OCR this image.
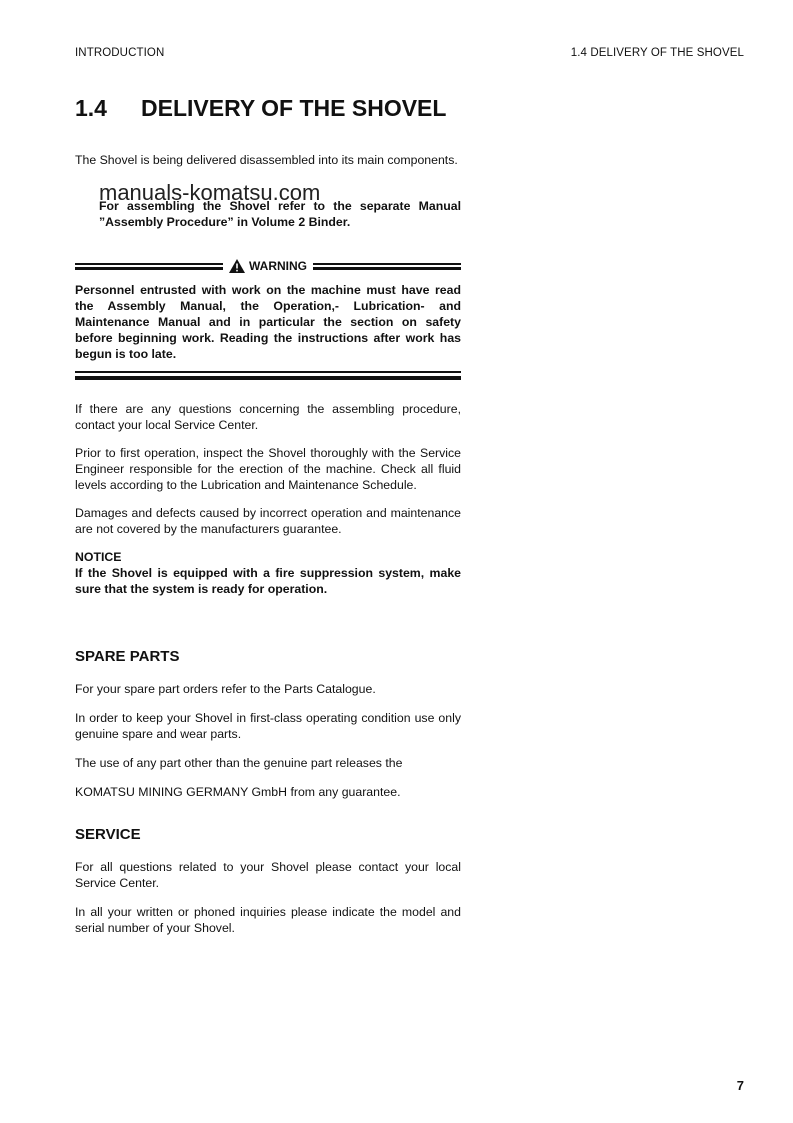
INTRODUCTION	1.4 DELIVERY OF THE SHOVEL
1.4 DELIVERY OF THE SHOVEL

The Shovel is being delivered disassembled into its main components.

For assembling the Shovel refer to the separate Manual ”Assembly Procedure” in Volume 2 Binder.

manuals-komatsu.com
WARNING

Personnel entrusted with work on the machine must have read the Assembly Manual, the Operation,- Lubrication- and Maintenance Manual and in particular the section on safety before beginning work. Reading the instructions after work has begun is too late.

If there are any questions concerning the assembling procedure, contact your local Service Center.

Prior to first operation, inspect the Shovel thoroughly with the Service Engineer responsible for the erection of the machine. Check all fluid levels according to the Lubrication and Maintenance Schedule.

Damages and defects caused by incorrect operation and maintenance are not covered by the manufacturers guarantee.

NOTICE

If the Shovel is equipped with a fire suppression system, make sure that the system is ready for operation.

SPARE PARTS

For your spare part orders refer to the Parts Catalogue.

In order to keep your Shovel in first-class operating condition use only genuine spare and wear parts.

The use of any part other than the genuine part releases the

KOMATSU MINING GERMANY GmbH from any guarantee.

SERVICE

For all questions related to your Shovel please contact your local Service Center.

In all your written or phoned inquiries please indicate the model and serial number of your Shovel.

7
